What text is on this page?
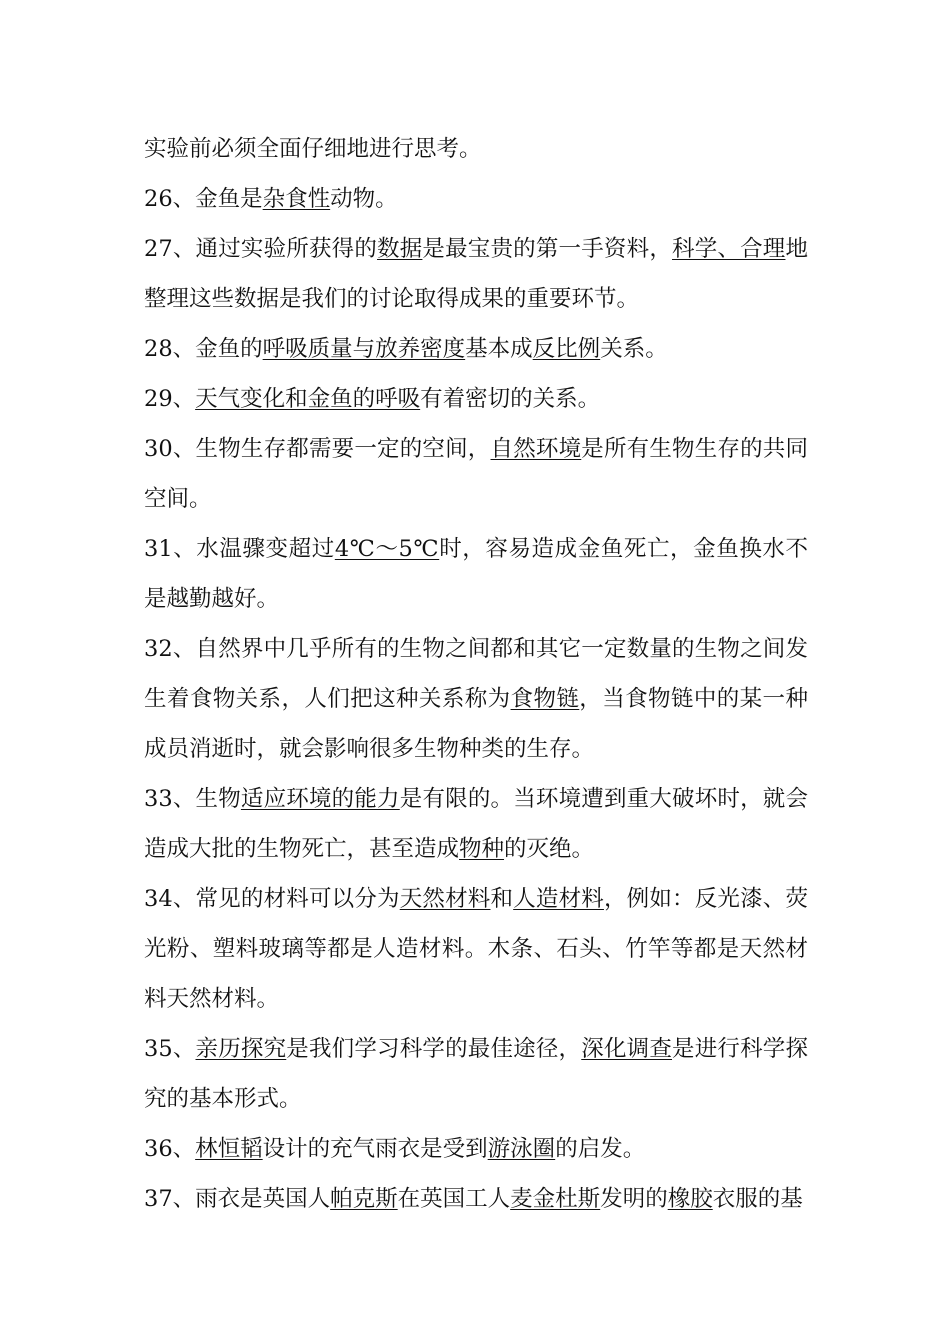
实验前必须全面仔细地进行思考。

26、金鱼是杂食性动物。

27、通过实验所获得的数据是最宝贵的第一手资料，科学、合理地整理这些数据是我们的讨论取得成果的重要环节。

28、金鱼的呼吸质量与放养密度基本成反比例关系。

29、天气变化和金鱼的呼吸有着密切的关系。

30、生物生存都需要一定的空间，自然环境是所有生物生存的共同空间。

31、水温骤变超过4℃～5℃时，容易造成金鱼死亡，金鱼换水不是越勤越好。

32、自然界中几乎所有的生物之间都和其它一定数量的生物之间发生着食物关系，人们把这种关系称为食物链，当食物链中的某一种成员消逝时，就会影响很多生物种类的生存。

33、生物适应环境的能力是有限的。当环境遭到重大破坏时，就会造成大批的生物死亡，甚至造成物种的灭绝。

34、常见的材料可以分为天然材料和人造材料，例如：反光漆、荧光粉、塑料玻璃等都是人造材料。木条、石头、竹竿等都是天然材料天然材料。

35、亲历探究是我们学习科学的最佳途径，深化调查是进行科学探究的基本形式。

36、林恒韬设计的充气雨衣是受到游泳圈的启发。

37、雨衣是英国人帕克斯在英国工人麦金杜斯发明的橡胶衣服的基
